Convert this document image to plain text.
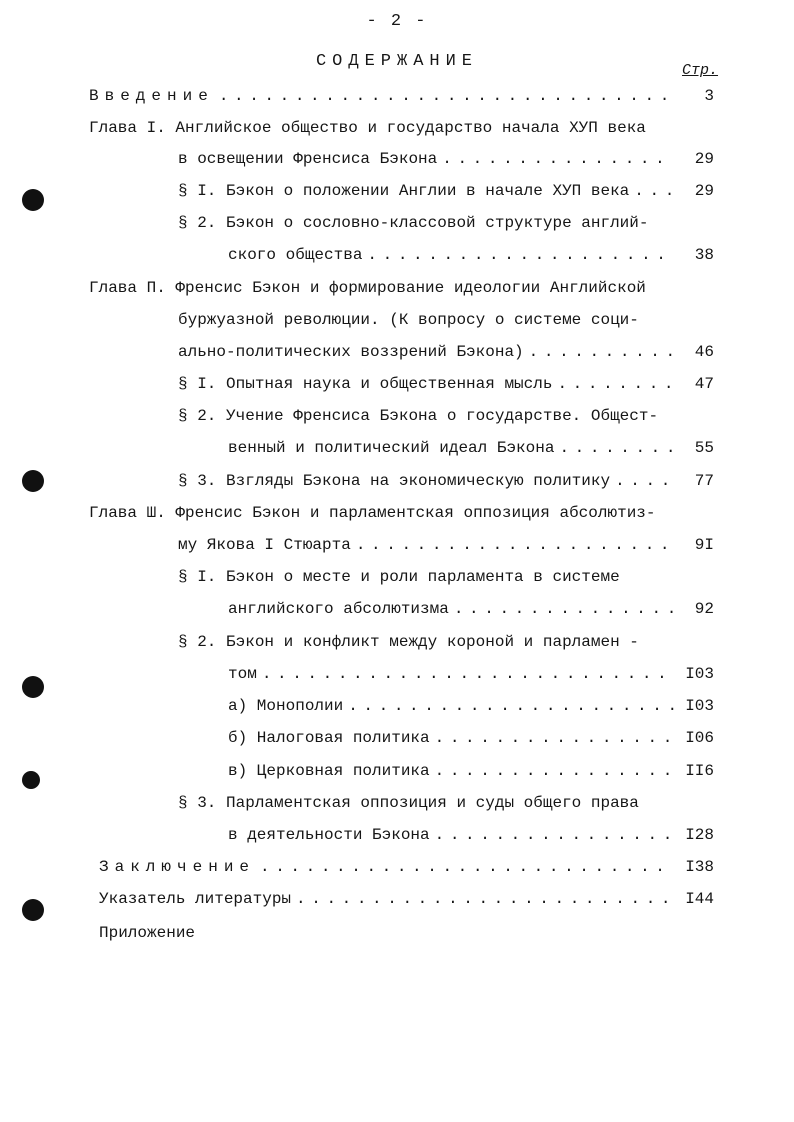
- 2 -
СОДЕРЖАНИЕ	Стр.
Введение . . .	3
Глава I. Английское общество и государство начала ХУП века
в освещении Френсиса Бэкона . . .	29
§ I. Бэкон о положении Англии в начале ХУП века . . .	29
§ 2. Бэкон о сословно-классовой структуре англий-
ского общества . . .	38
Глава П. Френсис Бэкон и формирование идеологии Английской
буржуазной революции. (К вопросу о системе соци-
ально-политических воззрений Бэкона) . . .	46
§ I. Опытная наука и общественная мысль . . .	47
§ 2. Учение Френсиса Бэкона о государстве. Общест-
венный и политический идеал Бэкона . . .	55
§ 3. Взгляды Бэкона на экономическую политику . . .	77
Глава Ш. Френсис Бэкон и парламентская оппозиция абсолютиз-
му Якова I Стюарта . . .	9I
§ I. Бэкон о месте и роли парламента в системе
английского абсолютизма . . .	92
§ 2. Бэкон и конфликт между короной и парламен -
том . . .	I03
а) Монополии . . .	I03
б) Налоговая политика . . .	I06
в) Церковная политика . . .	II6
§ 3. Парламентская оппозиция и суды общего права
в деятельности Бэкона . . .	I28
Заключение . . .	I38
Указатель литературы . . .	I44
Приложение
